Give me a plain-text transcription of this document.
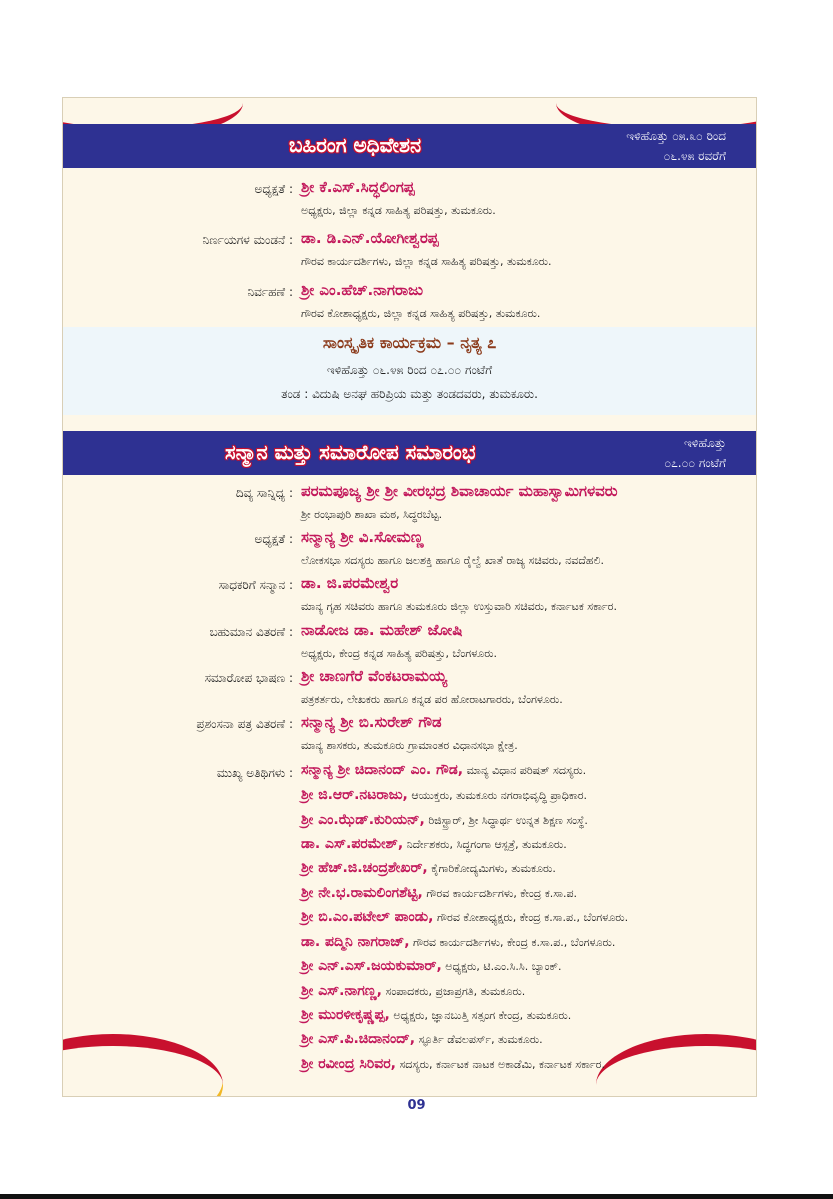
ಬಹಿರಂಗ ಅಧಿವೇಶನ	ಇಳಿಹೊತ್ತು ೦೫.೩೦ ರಿಂದ
೦೬.೪೫ ರವರೆಗೆ
ಅಧ್ಯಕ್ಷತೆ : ಶ್ರೀ ಕೆ.ಎಸ್.ಸಿದ್ಧಲಿಂಗಪ್ಪ
ಅಧ್ಯಕ್ಷರು, ಜಿಲ್ಲಾ ಕನ್ನಡ ಸಾಹಿತ್ಯ ಪರಿಷತ್ತು, ತುಮಕೂರು.
ನಿರ್ಣಯಗಳ ಮಂಡನೆ : ಡಾ. ಡಿ.ಎನ್.ಯೋಗೀಶ್ವರಪ್ಪ
ಗೌರವ ಕಾರ್ಯದರ್ಶಿಗಳು, ಜಿಲ್ಲಾ ಕನ್ನಡ ಸಾಹಿತ್ಯ ಪರಿಷತ್ತು, ತುಮಕೂರು.
ನಿರ್ವಹಣೆ : ಶ್ರೀ ಎಂ.ಹೆಚ್.ನಾಗರಾಜು
ಗೌರವ ಕೋಶಾಧ್ಯಕ್ಷರು, ಜಿಲ್ಲಾ ಕನ್ನಡ ಸಾಹಿತ್ಯ ಪರಿಷತ್ತು, ತುಮಕೂರು.
ಸಾಂಸ್ಕೃತಿಕ ಕಾರ್ಯಕ್ರಮ – ನೃತ್ಯ ೭
ಇಳಿಹೊತ್ತು ೦೬.೪೫ ರಿಂದ ೦೭.೦೦ ಗಂಟೆಗೆ
ತಂಡ : ವಿದುಷಿ ಅನಘ ಹರಿಪ್ರಿಯ ಮತ್ತು ತಂಡದವರು, ತುಮಕೂರು.
ಸನ್ಮಾನ ಮತ್ತು ಸಮಾರೋಪ ಸಮಾರಂಭ	ಇಳಿಹೊತ್ತು
೦೭.೦೦ ಗಂಟೆಗೆ
ದಿವ್ಯ ಸಾನ್ನಿಧ್ಯ : ಪರಮಪೂಜ್ಯ ಶ್ರೀ ಶ್ರೀ ವೀರಭದ್ರ ಶಿವಾಚಾರ್ಯ ಮಹಾಸ್ವಾಮಿಗಳವರು
ಶ್ರೀ ರಂಭಾಪುರಿ ಶಾಖಾ ಮಠ, ಸಿದ್ಧರಬೆಟ್ಟ.
ಅಧ್ಯಕ್ಷತೆ : ಸನ್ಮಾನ್ಯ ಶ್ರೀ ವಿ.ಸೋಮಣ್ಣ
ಲೋಕಸಭಾ ಸದಸ್ಯರು ಹಾಗೂ ಜಲಶಕ್ತಿ ಹಾಗೂ ರೈಲ್ವೆ ಖಾತೆ ರಾಜ್ಯ ಸಚಿವರು, ನವದೆಹಲಿ.
ಸಾಧಕರಿಗೆ ಸನ್ಮಾನ : ಡಾ. ಜಿ.ಪರಮೇಶ್ವರ
ಮಾನ್ಯ ಗೃಹ ಸಚಿವರು ಹಾಗೂ ತುಮಕೂರು ಜಿಲ್ಲಾ ಉಸ್ತುವಾರಿ ಸಚಿವರು, ಕರ್ನಾಟಕ ಸರ್ಕಾರ.
ಬಹುಮಾನ ವಿತರಣೆ : ನಾಡೋಜ ಡಾ. ಮಹೇಶ್ ಜೋಷಿ
ಅಧ್ಯಕ್ಷರು, ಕೇಂದ್ರ ಕನ್ನಡ ಸಾಹಿತ್ಯ ಪರಿಷತ್ತು, ಬೆಂಗಳೂರು.
ಸಮಾರೋಪ ಭಾಷಣ : ಶ್ರೀ ಚಾಣಗೆರೆ ವೆಂಕಟರಾಮಯ್ಯ
ಪತ್ರಕರ್ತರು, ಲೇಖಕರು ಹಾಗೂ ಕನ್ನಡ ಪರ ಹೋರಾಟಗಾರರು, ಬೆಂಗಳೂರು.
ಪ್ರಶಂಸನಾ ಪತ್ರ ವಿತರಣೆ : ಸನ್ಮಾನ್ಯ ಶ್ರೀ ಬಿ.ಸುರೇಶ್ ಗೌಡ
ಮಾನ್ಯ ಶಾಸಕರು, ತುಮಕೂರು ಗ್ರಾಮಾಂತರ ವಿಧಾನಸಭಾ ಕ್ಷೇತ್ರ.
ಮುಖ್ಯ ಅತಿಥಿಗಳು : ಸನ್ಮಾನ್ಯ ಶ್ರೀ ಚಿದಾನಂದ್ ಎಂ. ಗೌಡ, ಮಾನ್ಯ ವಿಧಾನ ಪರಿಷತ್ ಸದಸ್ಯರು.
ಶ್ರೀ ಜಿ.ಆರ್.ನಟರಾಜು, ಆಯುಕ್ತರು, ತುಮಕೂರು ನಗರಾಭಿವೃದ್ಧಿ ಪ್ರಾಧಿಕಾರ.
ಶ್ರೀ ಎಂ.ಝೆಡ್.ಕುರಿಯನ್, ರಿಜಿಸ್ಟ್ರಾರ್, ಶ್ರೀ ಸಿದ್ಧಾರ್ಥ ಉನ್ನತ ಶಿಕ್ಷಣ ಸಂಸ್ಥೆ.
ಡಾ. ಎಸ್.ಪರಮೇಶ್, ನಿರ್ದೇಶಕರು, ಸಿದ್ಧಗಂಗಾ ಆಸ್ಪತ್ರೆ, ತುಮಕೂರು.
ಶ್ರೀ ಹೆಚ್.ಜಿ.ಚಂದ್ರಶೇಖರ್, ಕೈಗಾರಿಕೋದ್ಯಮಿಗಳು, ತುಮಕೂರು.
ಶ್ರೀ ನೇ.ಭ.ರಾಮಲಿಂಗಶೆಟ್ಟಿ, ಗೌರವ ಕಾರ್ಯದರ್ಶಿಗಳು, ಕೇಂದ್ರ ಕ.ಸಾ.ಪ.
ಶ್ರೀ ಬಿ.ಎಂ.ಪಟೇಲ್ ಪಾಂಡು, ಗೌರವ ಕೋಶಾಧ್ಯಕ್ಷರು, ಕೇಂದ್ರ ಕ.ಸಾ.ಪ., ಬೆಂಗಳೂರು.
ಡಾ. ಪದ್ಮಿನಿ ನಾಗರಾಜ್, ಗೌರವ ಕಾರ್ಯದರ್ಶಿಗಳು, ಕೇಂದ್ರ ಕ.ಸಾ.ಪ., ಬೆಂಗಳೂರು.
ಶ್ರೀ ಎನ್.ಎಸ್.ಜಯಕುಮಾರ್, ಅಧ್ಯಕ್ಷರು, ಟಿ.ಎಂ.ಸಿ.ಸಿ. ಬ್ಯಾಂಕ್.
ಶ್ರೀ ಎಸ್.ನಾಗಣ್ಣ, ಸಂಪಾದಕರು, ಪ್ರಜಾಪ್ರಗತಿ, ತುಮಕೂರು.
ಶ್ರೀ ಮುರಳೀಕೃಷ್ಣಪ್ಪ, ಅಧ್ಯಕ್ಷರು, ಜ್ಞಾನಬುತ್ತಿ ಸತ್ಸಂಗ ಕೇಂದ್ರ, ತುಮಕೂರು.
ಶ್ರೀ ಎಸ್.ಪಿ.ಚಿದಾನಂದ್, ಸ್ಫೂರ್ತಿ ಡೆವಲಪರ್ಸ್, ತುಮಕೂರು.
ಶ್ರೀ ರವೀಂದ್ರ ಸಿರಿವರ, ಸದಸ್ಯರು, ಕರ್ನಾಟಕ ನಾಟಕ ಅಕಾಡೆಮಿ, ಕರ್ನಾಟಕ ಸರ್ಕಾರ.
09
